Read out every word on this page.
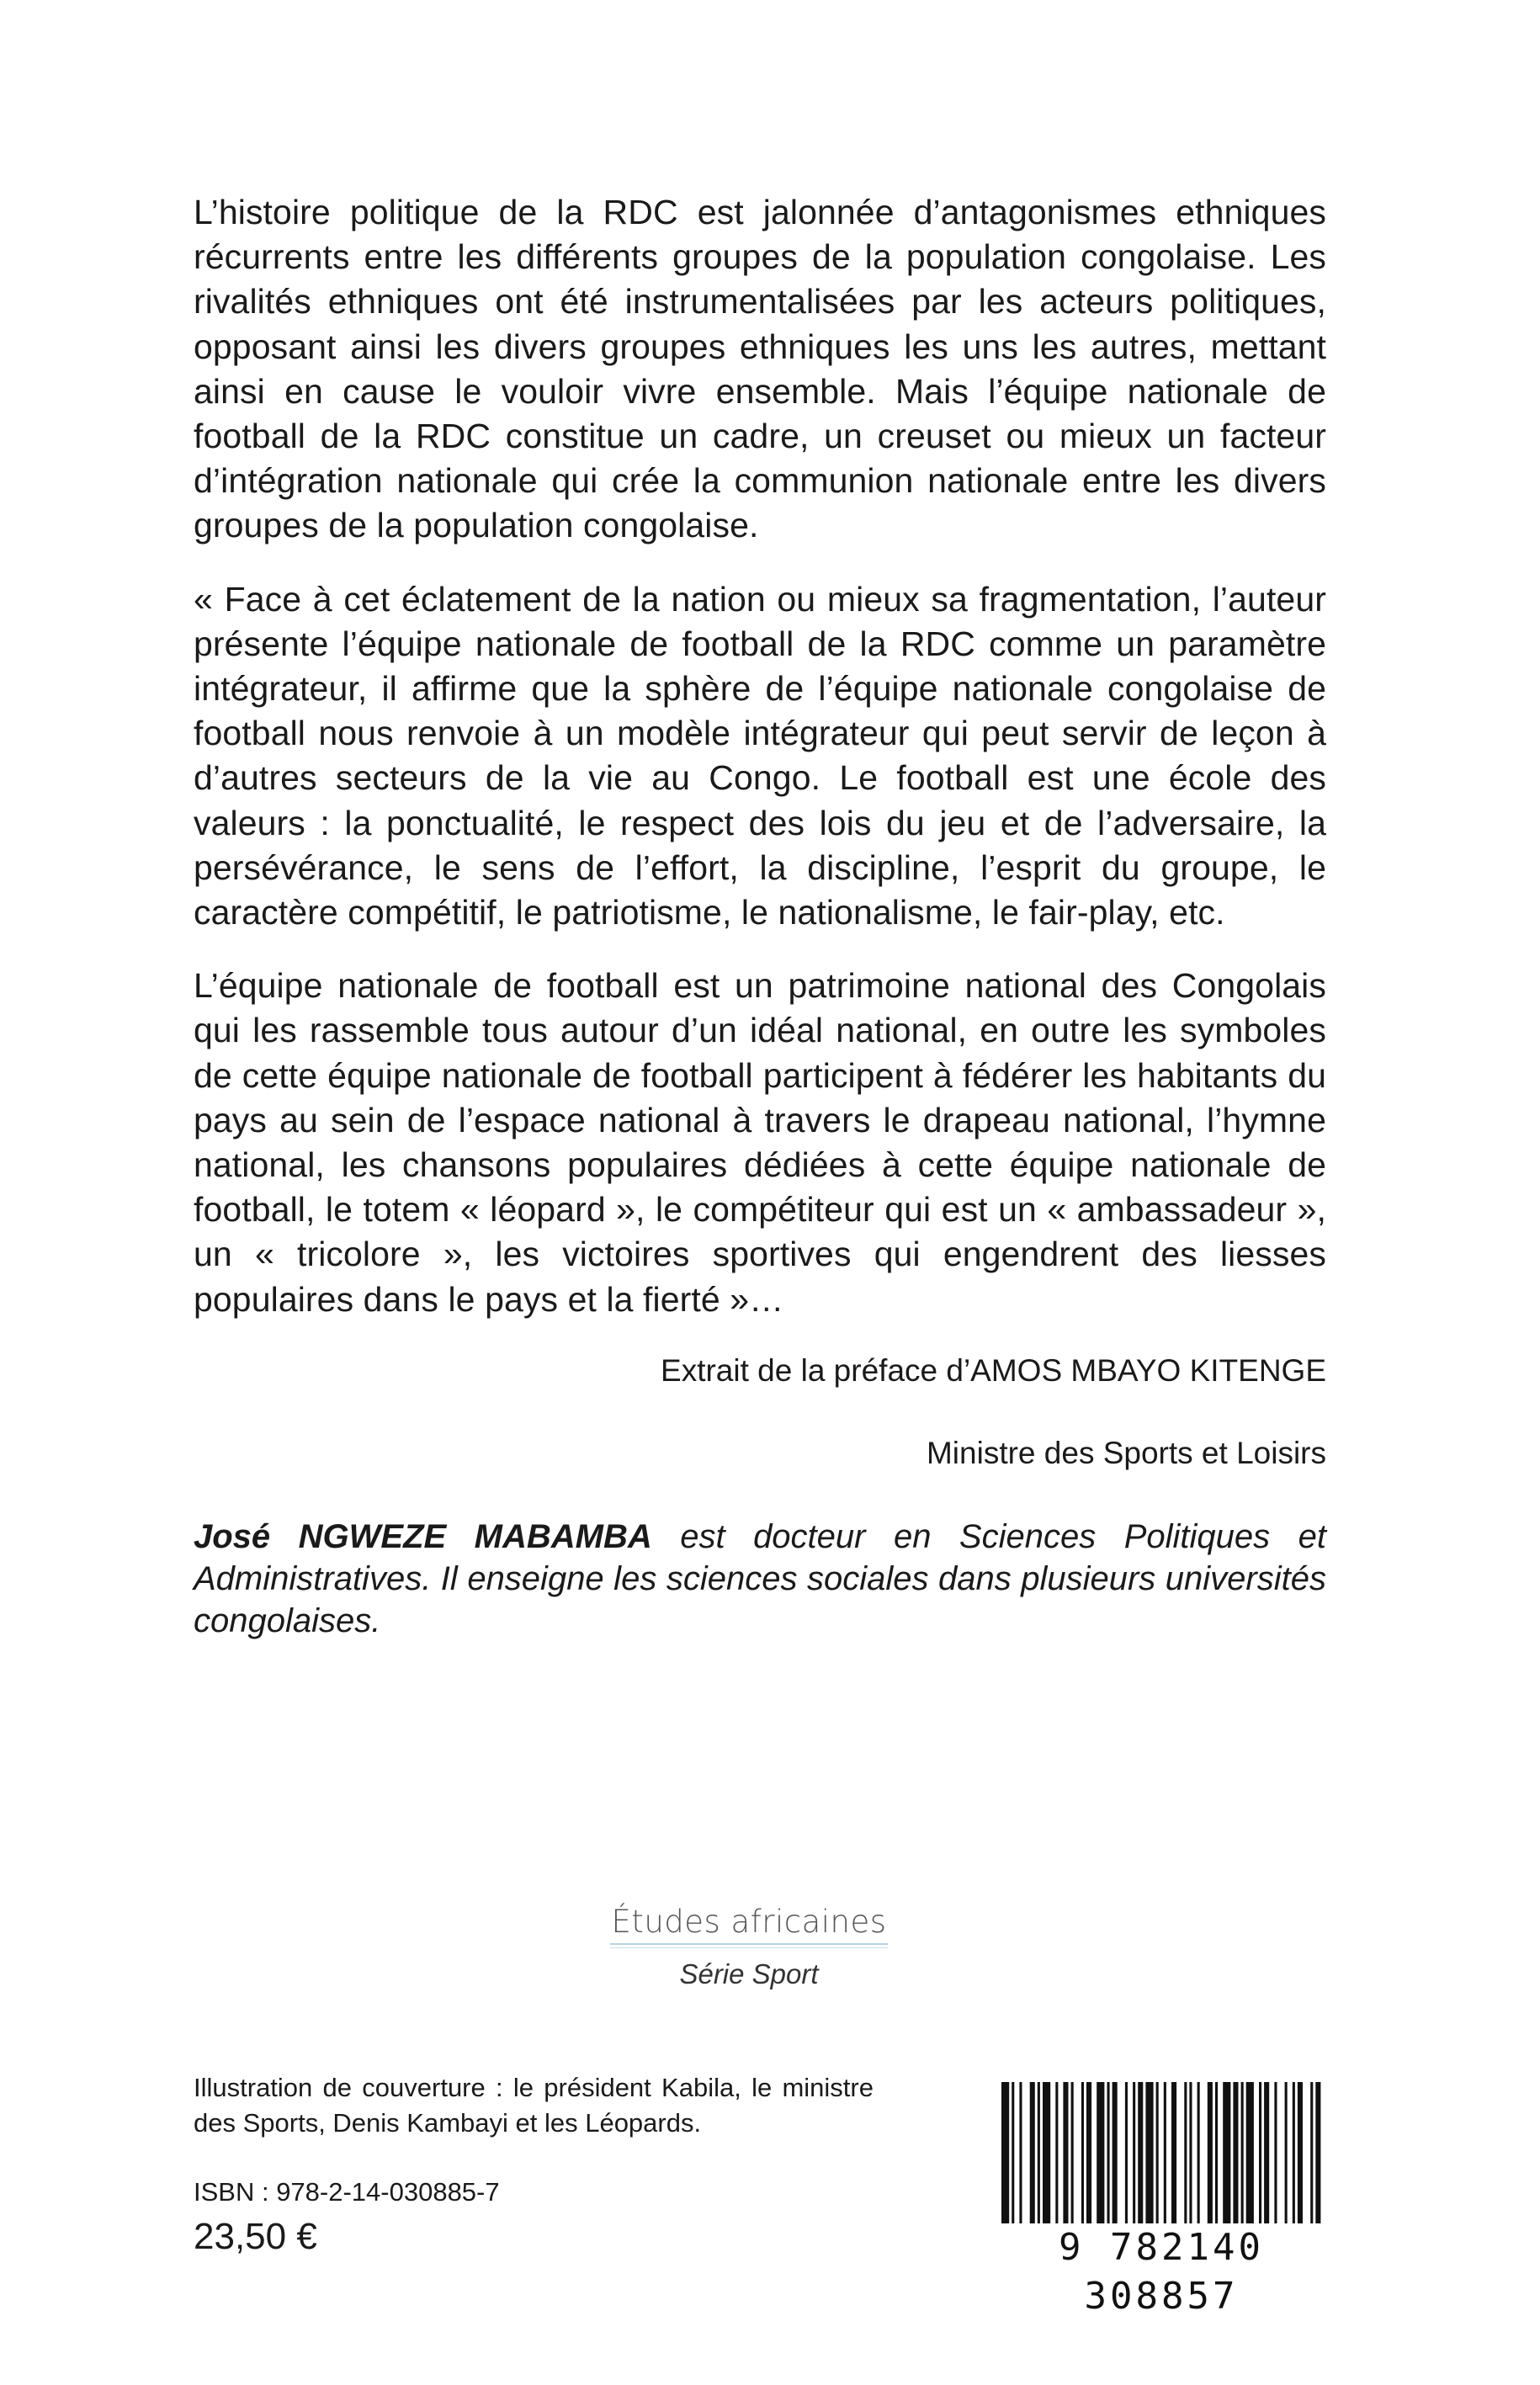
L’histoire politique de la RDC est jalonnée d’antagonismes ethniques récurrents entre les différents groupes de la population congolaise. Les rivalités ethniques ont été instrumentalisées par les acteurs politiques, opposant ainsi les divers groupes ethniques les uns les autres, mettant ainsi en cause le vouloir vivre ensemble. Mais l’équipe nationale de football de la RDC constitue un cadre, un creuset ou mieux un facteur d’intégration nationale qui crée la communion nationale entre les divers groupes de la population congolaise.

« Face à cet éclatement de la nation ou mieux sa fragmentation, l’auteur présente l’équipe nationale de football de la RDC comme un paramètre intégrateur, il affirme que la sphère de l’équipe nationale congolaise de football nous renvoie à un modèle intégrateur qui peut servir de leçon à d’autres secteurs de la vie au Congo. Le football est une école des valeurs : la ponctualité, le respect des lois du jeu et de l’adversaire, la persévérance, le sens de l’effort, la discipline, l’esprit du groupe, le caractère compétitif, le patriotisme, le nationalisme, le fair-play, etc.

L’équipe nationale de football est un patrimoine national des Congolais qui les rassemble tous autour d’un idéal national, en outre les symboles de cette équipe nationale de football participent à fédérer les habitants du pays au sein de l’espace national à travers le drapeau national, l’hymne national, les chansons populaires dédiées à cette équipe nationale de football, le totem « léopard », le compétiteur qui est un « ambassadeur », un « tricolore », les victoires sportives qui engendrent des liesses populaires dans le pays et la fierté »…

Extrait de la préface d’AMOS MBAYO KITENGE

Ministre des Sports et Loisirs

José NGWEZE MABAMBA est docteur en Sciences Politiques et Administratives. Il enseigne les sciences sociales dans plusieurs universités congolaises.
Études africaines
Série Sport
Illustration de couverture : le président Kabila, le ministre des Sports, Denis Kambayi et les Léopards.
ISBN : 978-2-14-030885-7
23,50 €	9 782140 308857
